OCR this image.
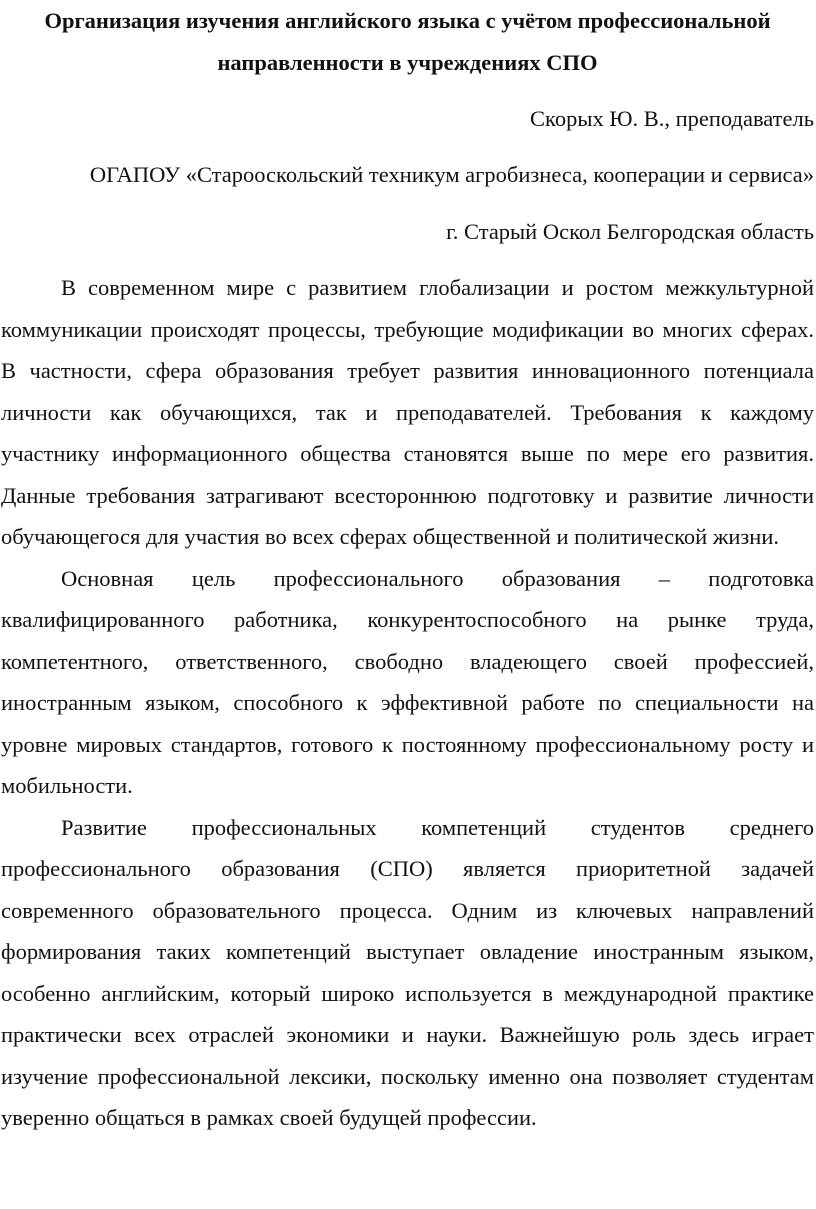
Организация изучения английского языка с учётом профессиональной направленности в учреждениях СПО

Скорых Ю. В., преподаватель

ОГАПОУ «Старооскольский техникум агробизнеса, кооперации и сервиса»

г. Старый Оскол Белгородская область

В современном мире с развитием глобализации и ростом межкультурной коммуникации происходят процессы, требующие модификации во многих сферах. В частности, сфера образования требует развития инновационного потенциала личности как обучающихся, так и преподавателей. Требования к каждому участнику информационного общества становятся выше по мере его развития. Данные требования затрагивают всестороннюю подготовку и развитие личности обучающегося для участия во всех сферах общественной и политической жизни.

Основная цель профессионального образования – подготовка квалифицированного работника, конкурентоспособного на рынке труда, компетентного, ответственного, свободно владеющего своей профессией, иностранным языком, способного к эффективной работе по специальности на уровне мировых стандартов, готового к постоянному профессиональному росту и мобильности.

Развитие профессиональных компетенций студентов среднего профессионального образования (СПО) является приоритетной задачей современного образовательного процесса. Одним из ключевых направлений формирования таких компетенций выступает овладение иностранным языком, особенно английским, который широко используется в международной практике практически всех отраслей экономики и науки. Важнейшую роль здесь играет изучение профессиональной лексики, поскольку именно она позволяет студентам уверенно общаться в рамках своей будущей профессии.
